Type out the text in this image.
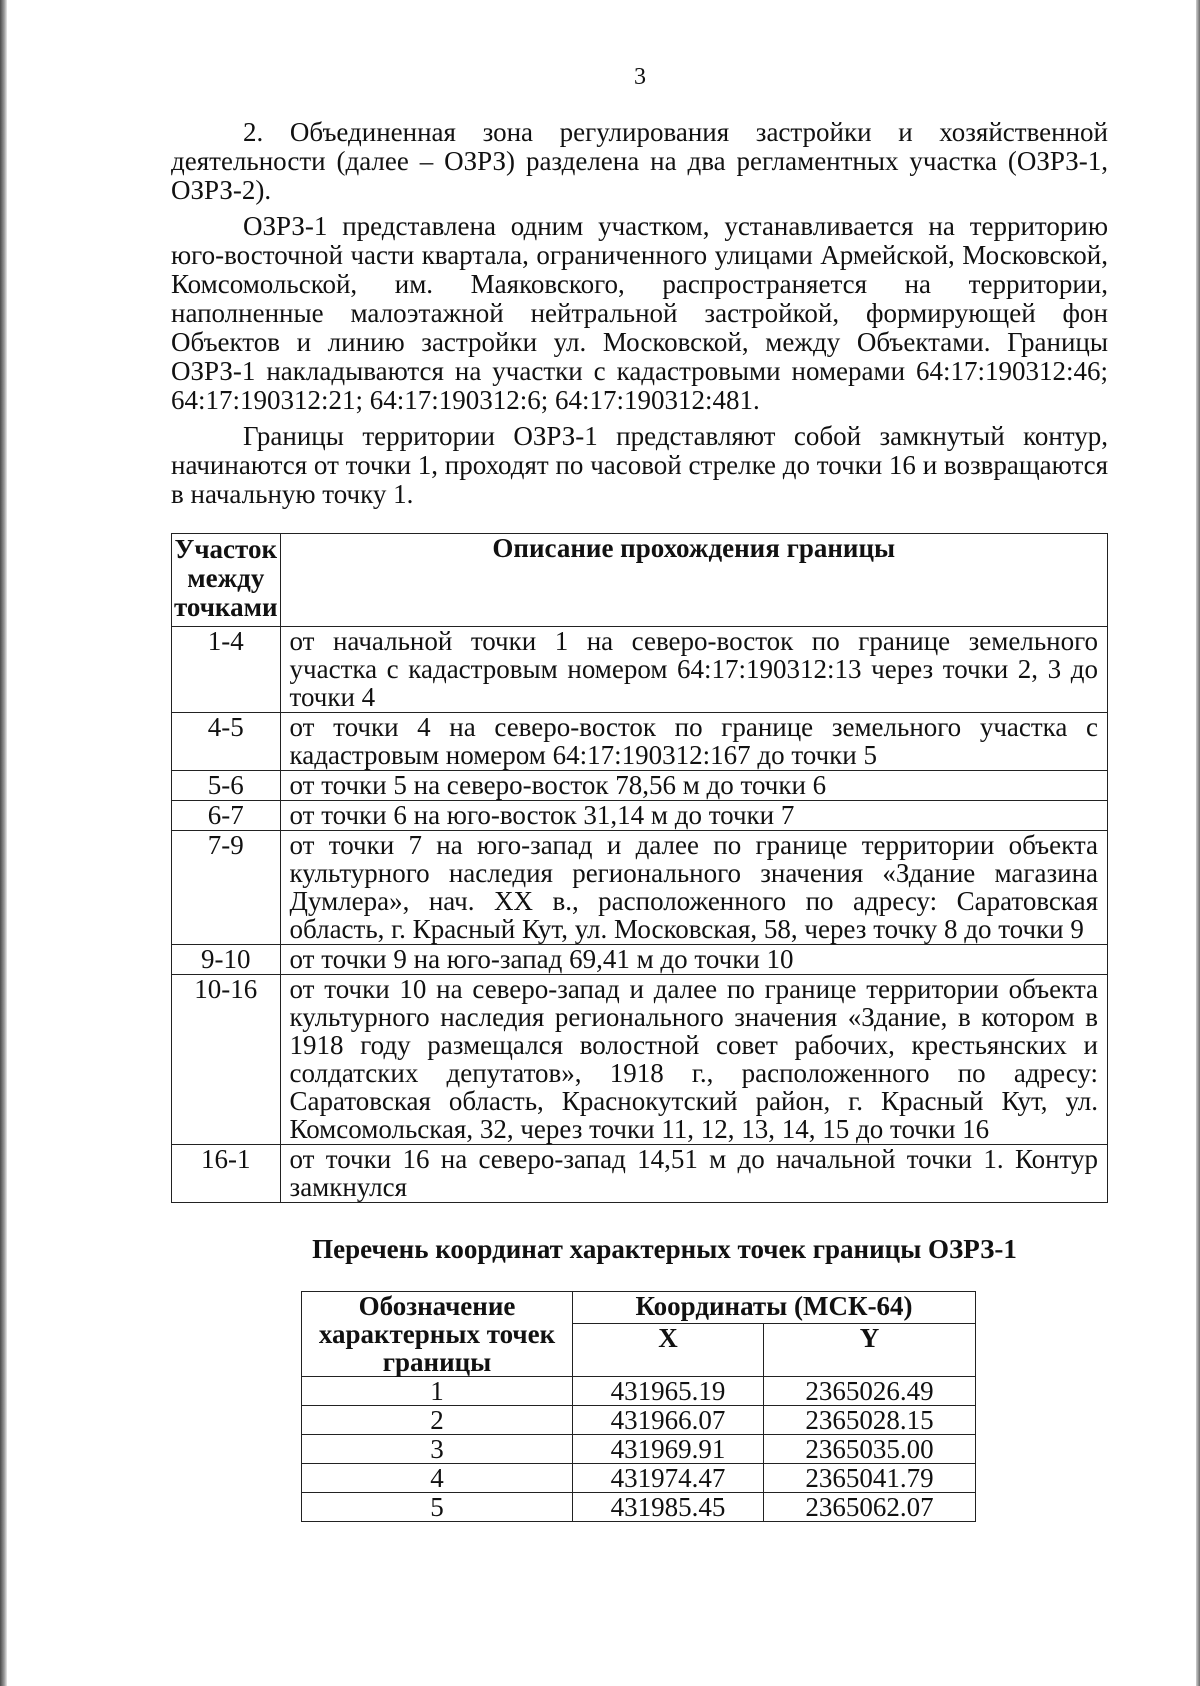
3

2. Объединенная зона регулирования застройки и хозяйственной деятельности (далее – ОЗРЗ) разделена на два регламентных участка (ОЗРЗ-1, ОЗРЗ-2).

ОЗРЗ-1 представлена одним участком, устанавливается на территорию юго-восточной части квартала, ограниченного улицами Армейской, Московской, Комсомольской, им. Маяковского, распространяется на территории, наполненные малоэтажной нейтральной застройкой, формирующей фон Объектов и линию застройки ул. Московской, между Объектами. Границы ОЗРЗ-1 накладываются на участки с кадастровыми номерами 64:17:190312:46; 64:17:190312:21; 64:17:190312:6; 64:17:190312:481.

Границы территории ОЗРЗ-1 представляют собой замкнутый контур, начинаются от точки 1, проходят по часовой стрелке до точки 16 и возвращаются в начальную точку 1.

Участок между точками	Описание прохождения границы
1-4	от начальной точки 1 на северо-восток по границе земельного участка с кадастровым номером 64:17:190312:13 через точки 2, 3 до точки 4
4-5	от точки 4 на северо-восток по границе земельного участка с кадастровым номером 64:17:190312:167 до точки 5
5-6	от точки 5 на северо-восток 78,56 м до точки 6
6-7	от точки 6 на юго-восток 31,14 м до точки 7
7-9	от точки 7 на юго-запад и далее по границе территории объекта культурного наследия регионального значения «Здание магазина Думлера», нач. XX в., расположенного по адресу: Саратовская область, г. Красный Кут, ул. Московская, 58, через точку 8 до точки 9
9-10	от точки 9 на юго-запад 69,41 м до точки 10
10-16	от точки 10 на северо-запад и далее по границе территории объекта культурного наследия регионального значения «Здание, в котором в 1918 году размещался волостной совет рабочих, крестьянских и солдатских депутатов», 1918 г., расположенного по адресу: Саратовская область, Краснокутский район, г. Красный Кут, ул. Комсомольская, 32, через точки 11, 12, 13, 14, 15 до точки 16
16-1	от точки 16 на северо-запад 14,51 м до начальной точки 1. Контур замкнулся
Перечень координат характерных точек границы ОЗРЗ-1
Обозначение характерных точек границы	Координаты (МСК-64)	
	X	Y
1	431965.19	2365026.49
2	431966.07	2365028.15
3	431969.91	2365035.00
4	431974.47	2365041.79
5	431985.45	2365062.07
